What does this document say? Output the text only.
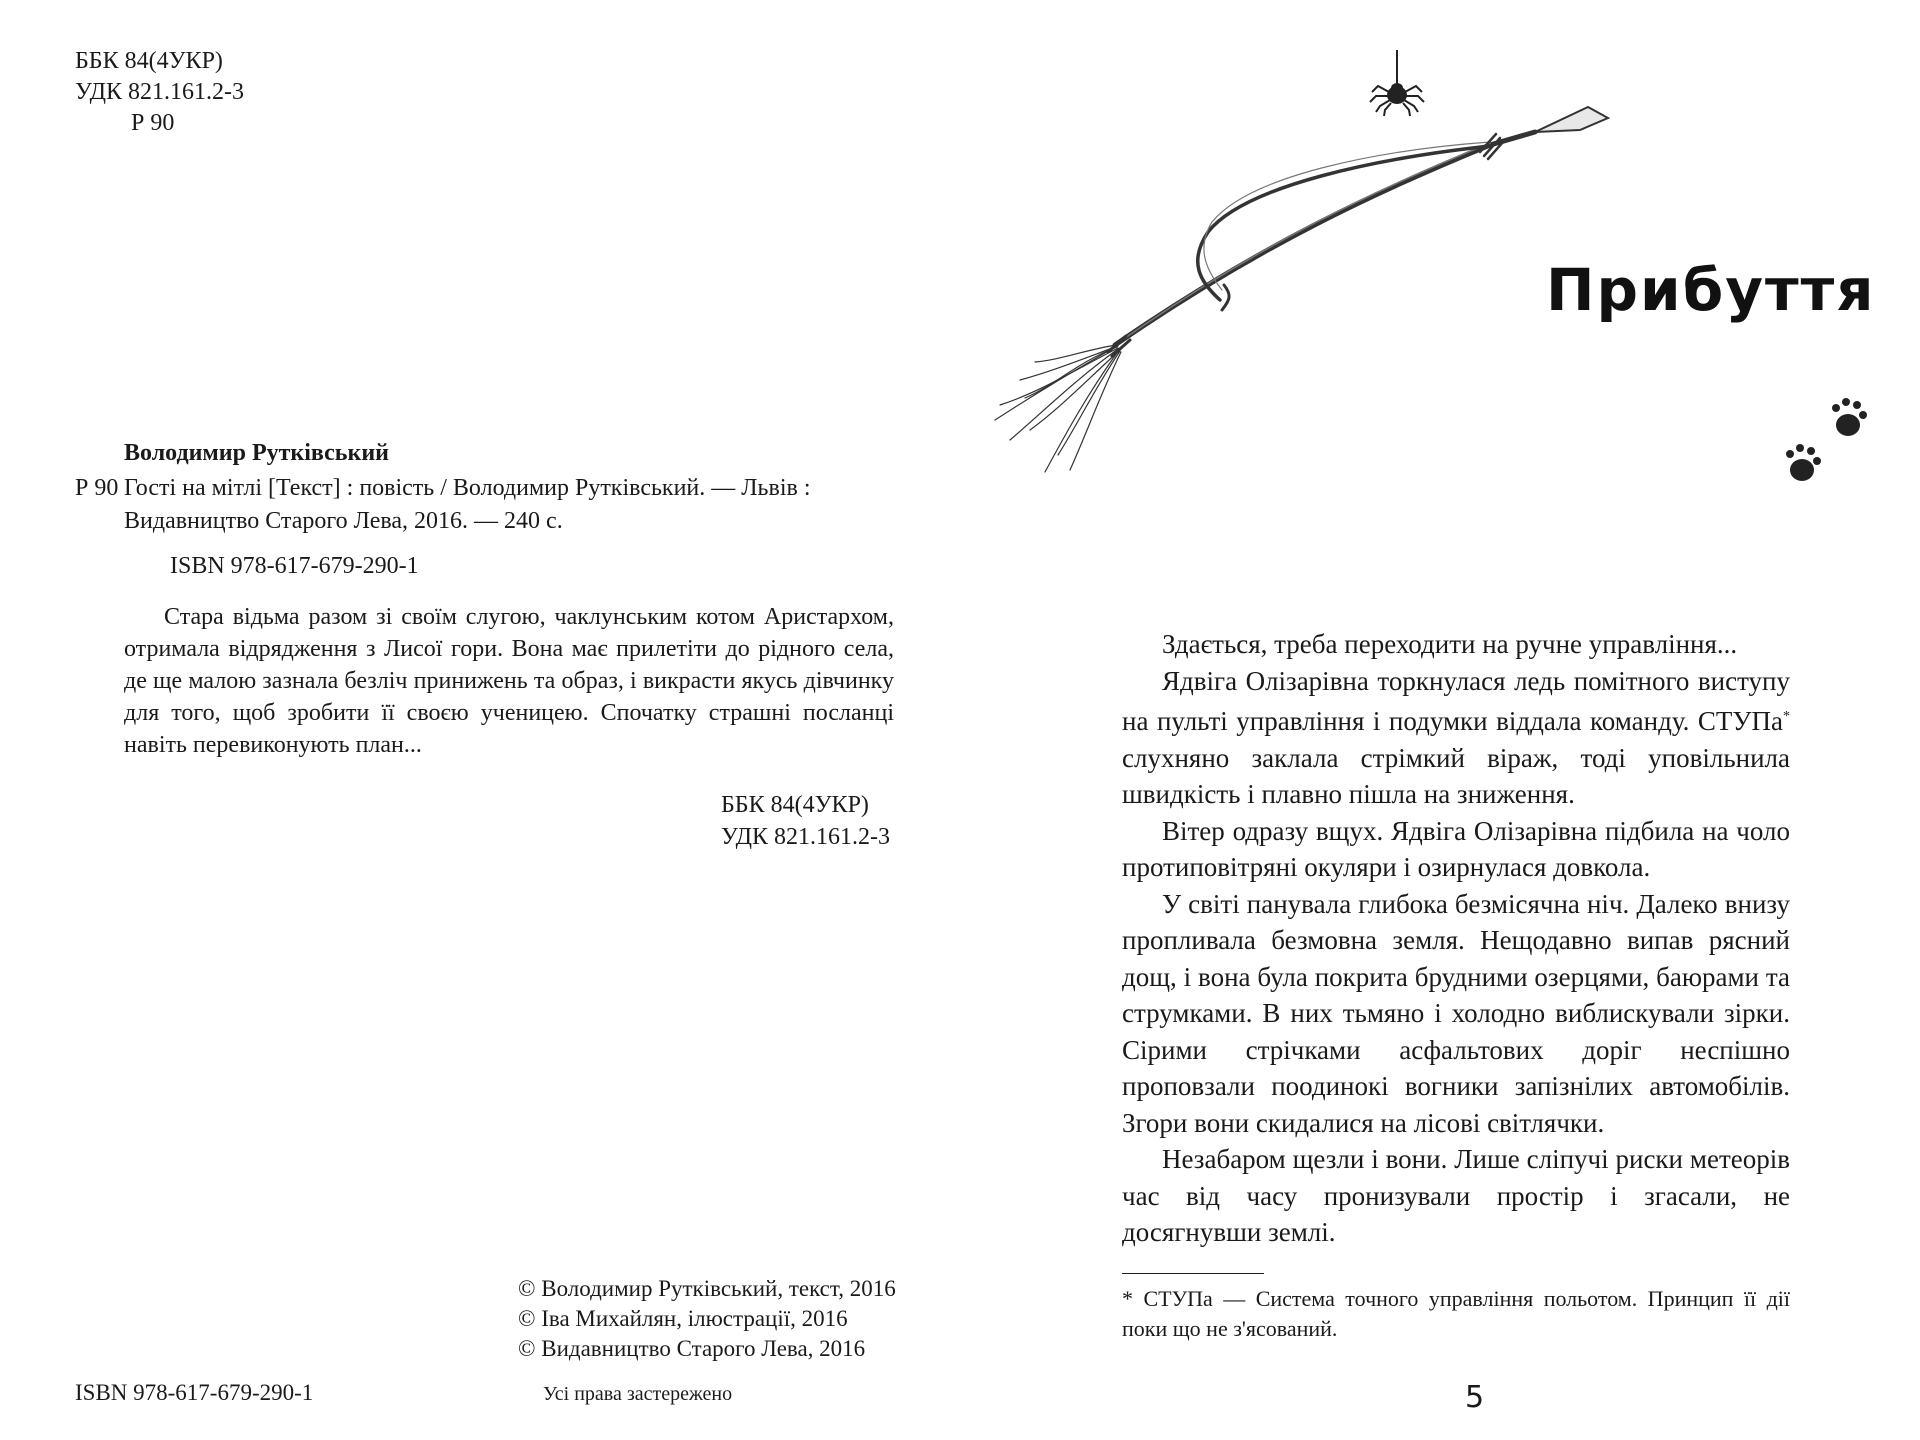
ББК 84(4УКР)
УДК 821.161.2-3
Р 90
Володимир Рутківський
Р 90 Гості на мітлі [Текст] : повість / Володимир Рутківський. — Львів : Видавництво Старого Лева, 2016. — 240 с.
ISBN 978-617-679-290-1

Стара відьма разом зі своїм слугою, чаклунським котом Аристархом, отримала відрядження з Лисої гори. Вона має прилетіти до рідного села, де ще малою зазнала безліч принижень та образ, і викрасти якусь дівчинку для того, щоб зробити її своєю ученицею. Спочатку страшні посланці навіть перевиконують план...

ББК 84(4УКР)
УДК 821.161.2-3
© Володимир Рутківський, текст, 2016
© Іва Михайлян, ілюстрації, 2016
© Видавництво Старого Лева, 2016
ISBN 978-617-679-290-1	Усі права застережено
Прибуття

Здається, треба переходити на ручне управління...

Ядвіга Олізарівна торкнулася ледь помітного виступу на пульті управління і подумки віддала команду. СТУПа* слухняно заклала стрімкий віраж, тоді уповільнила швидкість і плавно пішла на зниження.

Вітер одразу вщух. Ядвіга Олізарівна підбила на чоло протиповітряні окуляри і озирнулася довкола.

У світі панувала глибока безмісячна ніч. Далеко внизу пропливала безмовна земля. Нещодавно випав рясний дощ, і вона була покрита брудними озерцями, баюрами та струмками. В них тьмяно і холодно виблискували зірки. Сірими стрічками асфальтових доріг неспішно проповзали поодинокі вогники запізнілих автомобілів. Згори вони скидалися на лісові світлячки.

Незабаром щезли і вони. Лише сліпучі риски метеорів час від часу пронизували простір і згасали, не досягнувши землі.

* СТУПа — Система точного управління польотом. Принцип її дії поки що не з'ясований.
5
